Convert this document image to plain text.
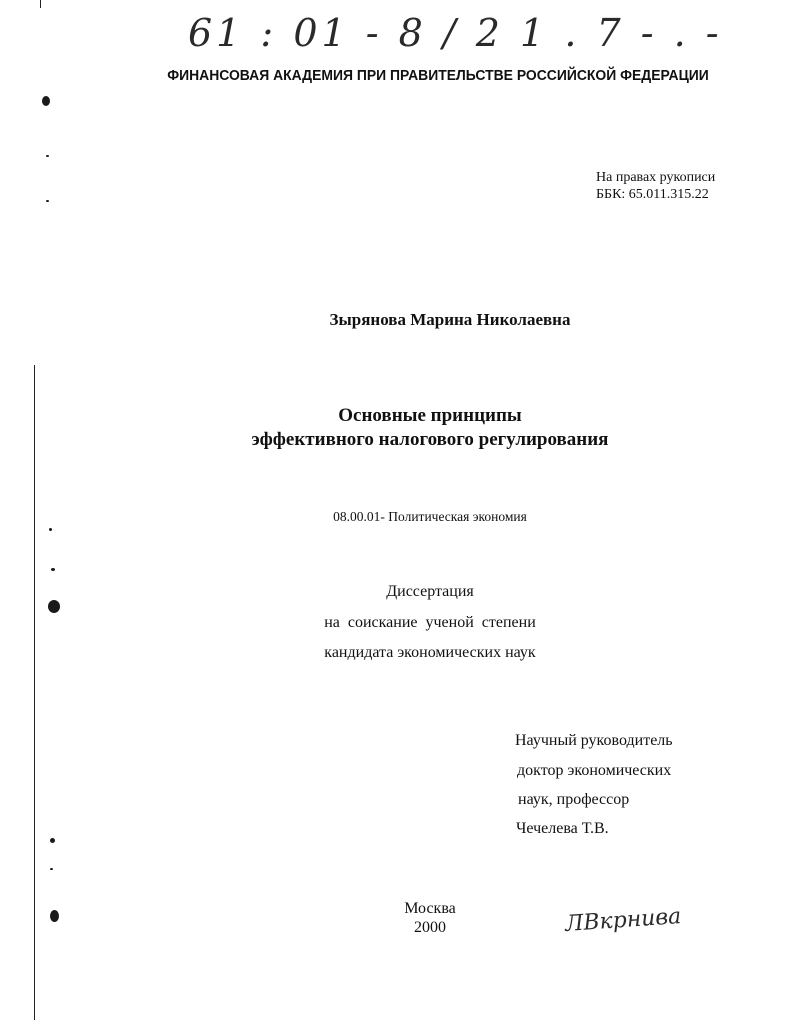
61 : 01 - 8 / 2 1 . 7 - . -
ФИНАНСОВАЯ АКАДЕМИЯ ПРИ ПРАВИТЕЛЬСТВЕ РОССИЙСКОЙ ФЕДЕРАЦИИ
На правах рукописи
ББК: 65.011.315.22
Зырянова Марина Николаевна
Основные принципы
эффективного налогового регулирования
08.00.01- Политическая экономия
Диссертация
на  соискание  ученой  степени
кандидата экономических наук
Научный руководитель
доктор экономических
наук, профессор
Чечелева Т.В.
Москва
2000	ЛВкрнива
